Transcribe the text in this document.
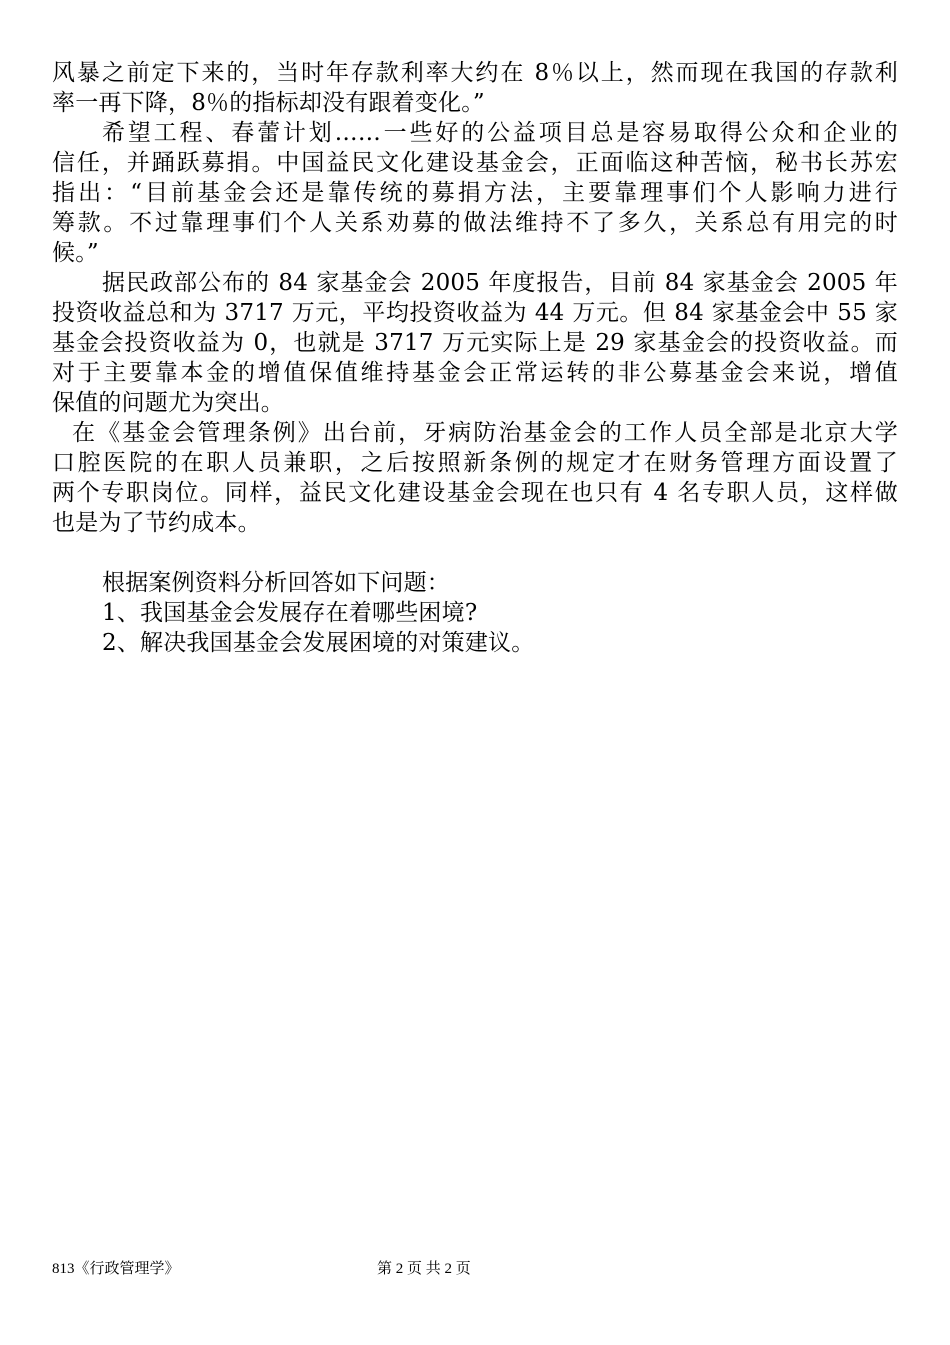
风暴之前定下来的，当时年存款利率大约在 8％以上，然而现在我国的存款利
率一再下降，8％的指标却没有跟着变化。”
希望工程、春蕾计划……一些好的公益项目总是容易取得公众和企业的
信任，并踊跃募捐。中国益民文化建设基金会，正面临这种苦恼，秘书长苏宏
指出：“目前基金会还是靠传统的募捐方法，主要靠理事们个人影响力进行
筹款。不过靠理事们个人关系劝募的做法维持不了多久，关系总有用完的时
候。”
据民政部公布的 84 家基金会 2005 年度报告，目前 84 家基金会 2005 年
投资收益总和为 3717 万元，平均投资收益为 44 万元。但 84 家基金会中 55 家
基金会投资收益为 0，也就是 3717 万元实际上是 29 家基金会的投资收益。而
对于主要靠本金的增值保值维持基金会正常运转的非公募基金会来说，增值
保值的问题尤为突出。
在《基金会管理条例》出台前，牙病防治基金会的工作人员全部是北京大学
口腔医院的在职人员兼职，之后按照新条例的规定才在财务管理方面设置了
两个专职岗位。同样，益民文化建设基金会现在也只有 4 名专职人员，这样做
也是为了节约成本。
根据案例资料分析回答如下问题：
1、我国基金会发展存在着哪些困境?
2、解决我国基金会发展困境的对策建议。
813《行政管理学》	第 2 页 共 2 页
